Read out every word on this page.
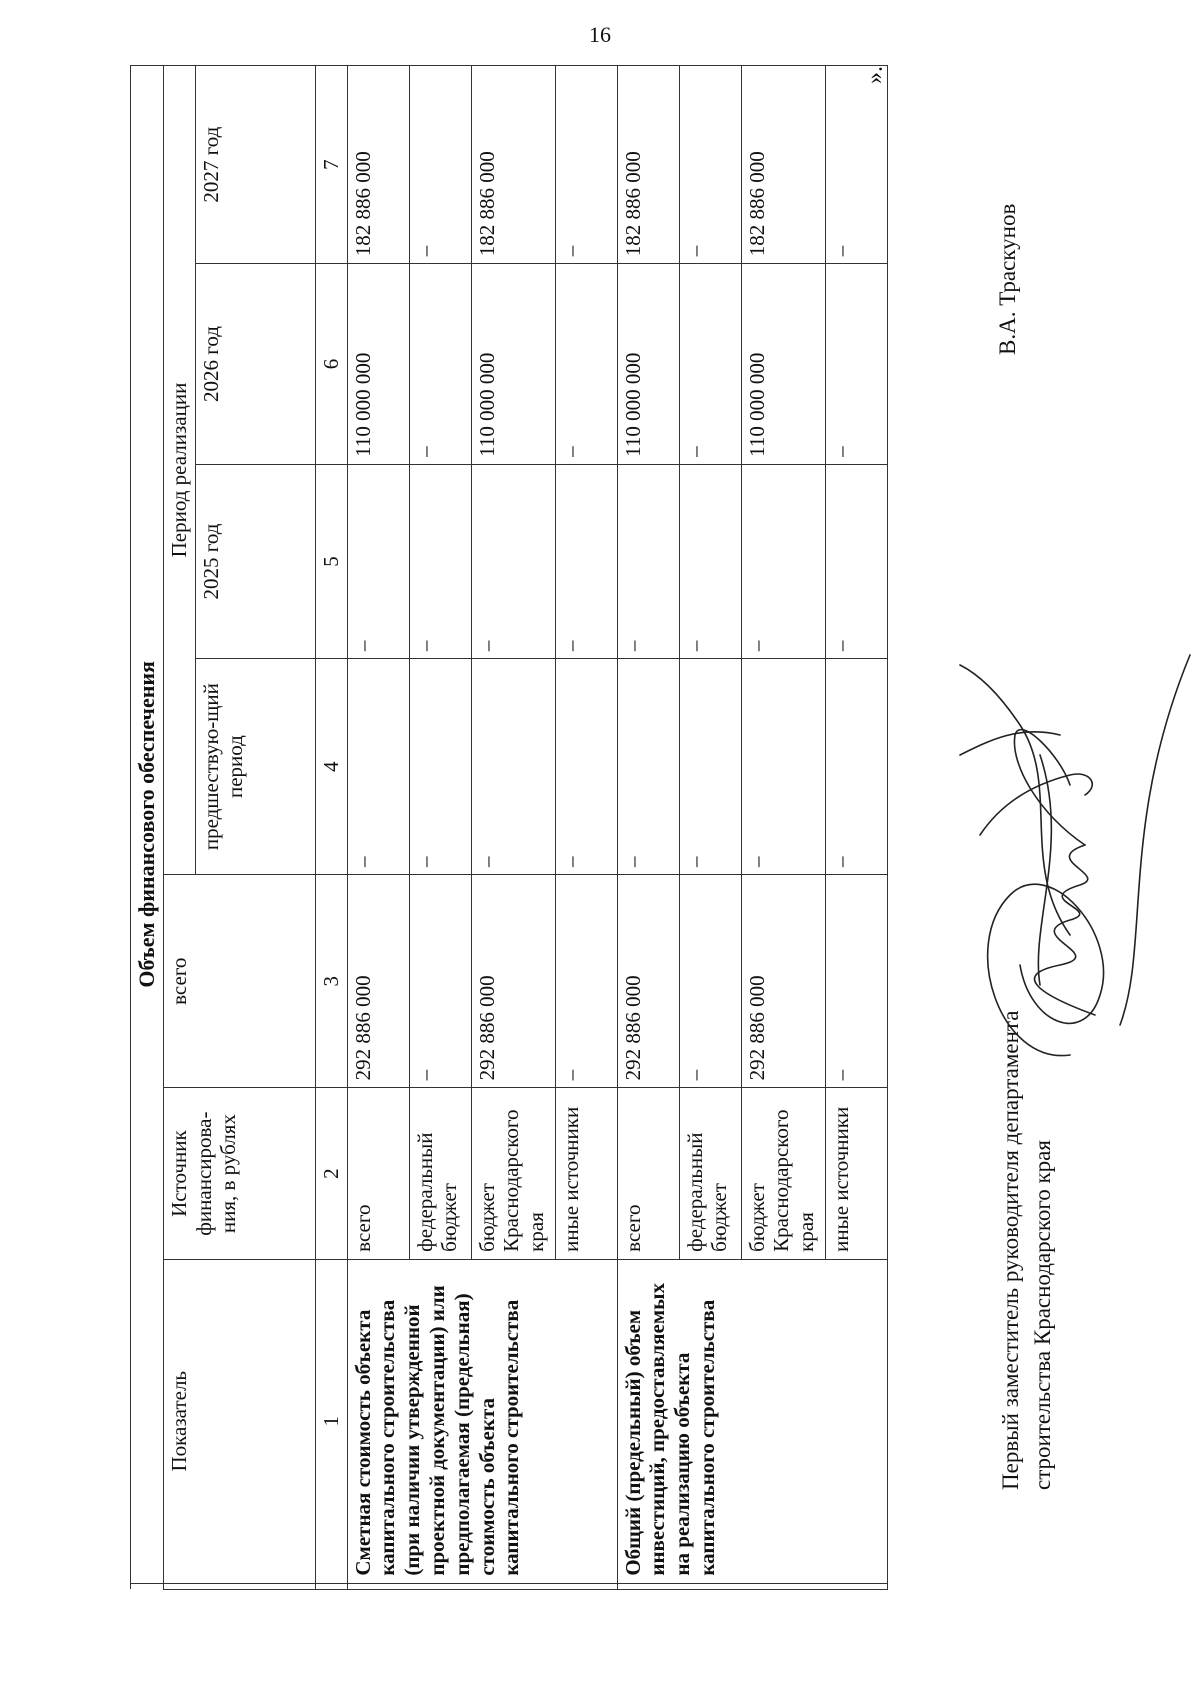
16
	Объем финансового обеспечения						
	Показатель	Источник финансирова-ния, в рублях	всего	Период реализации			
				предшествую-щий период	2025 год	2026 год	2027 год
	1	2	3	4	5	6	7
	Сметная стоимость объекта капитального строительства (при наличии утвержденной проектной документации) или предполагаемая (предельная) стоимость объекта капитального строительства	всего	292 886 000	–	–	110 000 000	182 886 000
		федеральный бюджет	–	–	–	–	–
		бюджет Краснодарского края	292 886 000	–	–	110 000 000	182 886 000
		иные источники	–	–	–	–	–
	Общий (предельный) объем инвестиций, предоставляемых на реализацию объекта капитального строительства	всего	292 886 000	–	–	110 000 000	182 886 000
		федеральный бюджет	–	–	–	–	–
		бюджет Краснодарского края	292 886 000	–	–	110 000 000	182 886 000
		иные источники	–	–	–	–	–
».
Первый заместитель руководителя департамента строительства Краснодарского края
В.А. Траскунов
